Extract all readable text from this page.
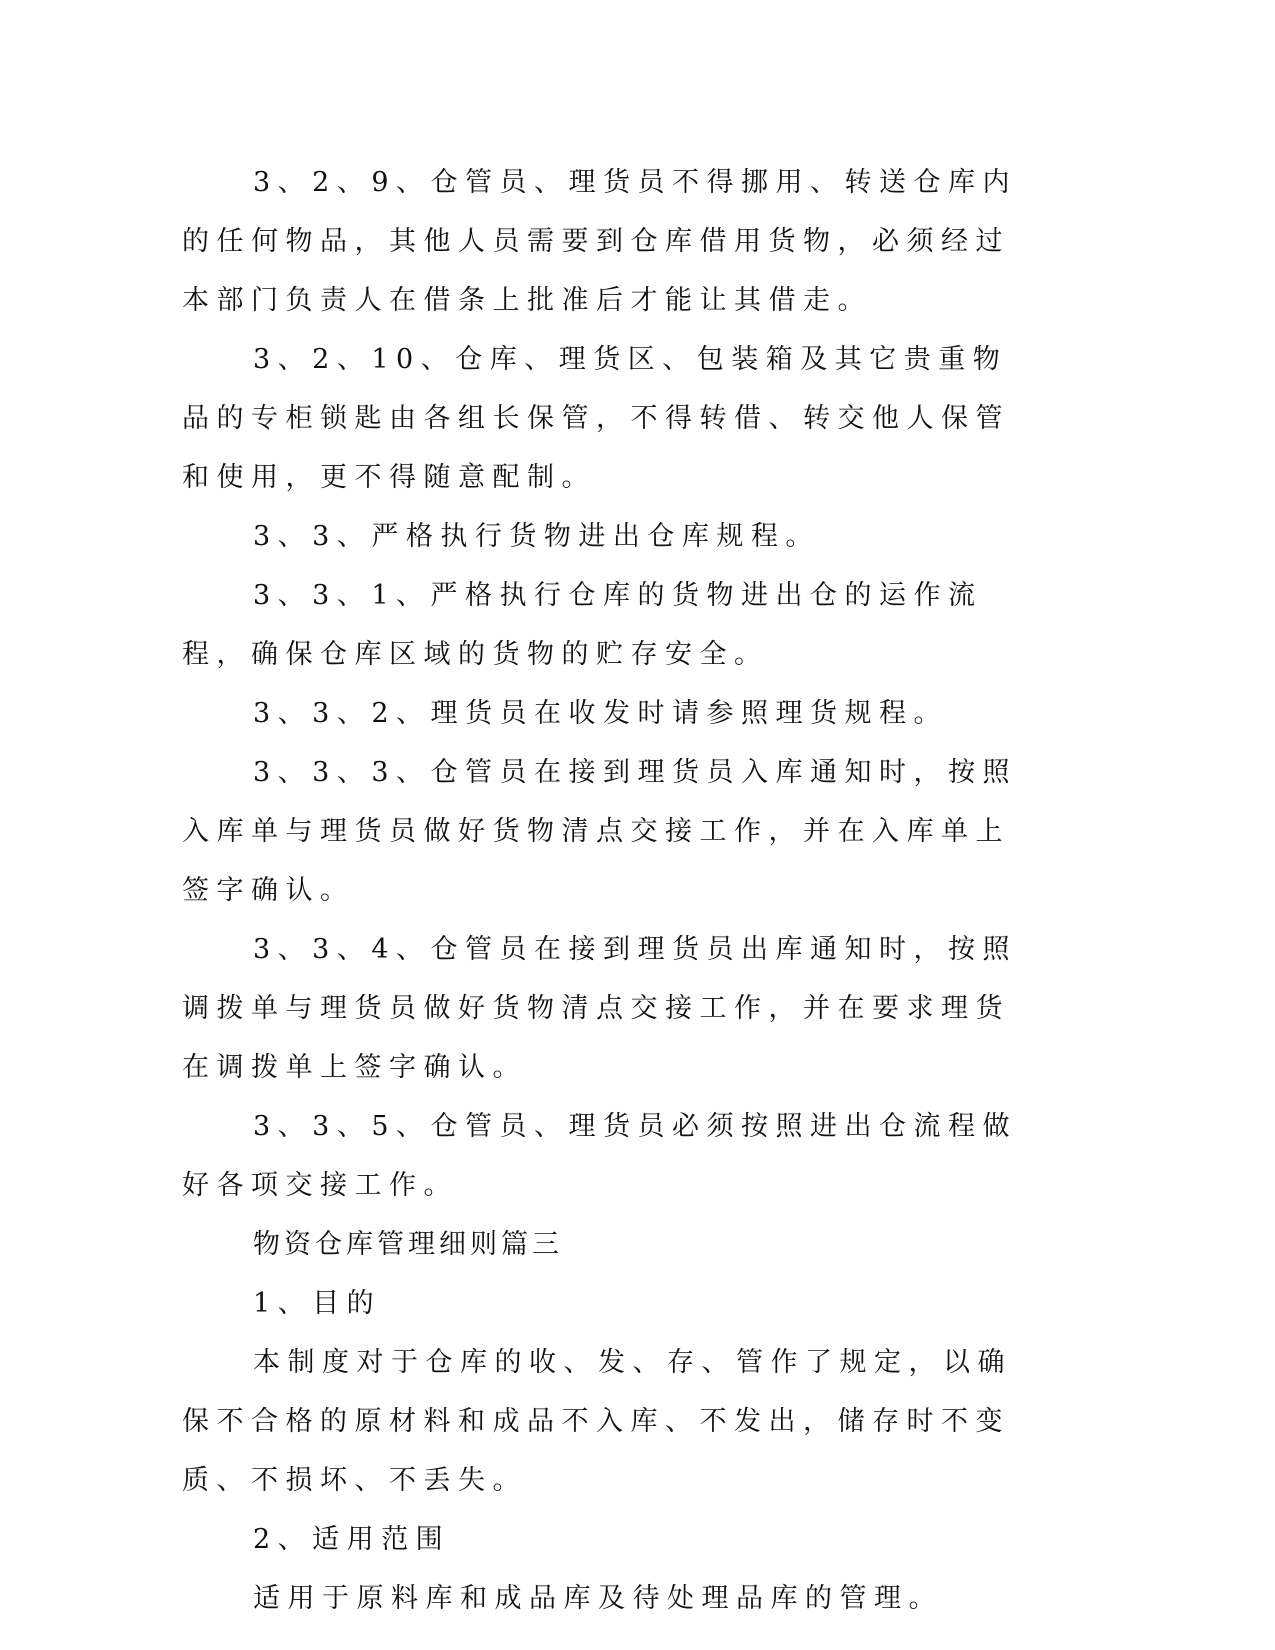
3、2、9、仓管员、理货员不得挪用、转送仓库内的任何物品，其他人员需要到仓库借用货物，必须经过本部门负责人在借条上批准后才能让其借走。

3、2、10、仓库、理货区、包装箱及其它贵重物品的专柜锁匙由各组长保管，不得转借、转交他人保管和使用，更不得随意配制。

3、3、严格执行货物进出仓库规程。

3、3、1、严格执行仓库的货物进出仓的运作流程，确保仓库区域的货物的贮存安全。

3、3、2、理货员在收发时请参照理货规程。

3、3、3、仓管员在接到理货员入库通知时，按照入库单与理货员做好货物清点交接工作，并在入库单上签字确认。

3、3、4、仓管员在接到理货员出库通知时，按照调拨单与理货员做好货物清点交接工作，并在要求理货在调拨单上签字确认。

3、3、5、仓管员、理货员必须按照进出仓流程做好各项交接工作。

物资仓库管理细则篇三

1、目的

本制度对于仓库的收、发、存、管作了规定，以确保不合格的原材料和成品不入库、不发出，储存时不变质、不损坏、不丢失。

2、适用范围

适用于原料库和成品库及待处理品库的管理。
